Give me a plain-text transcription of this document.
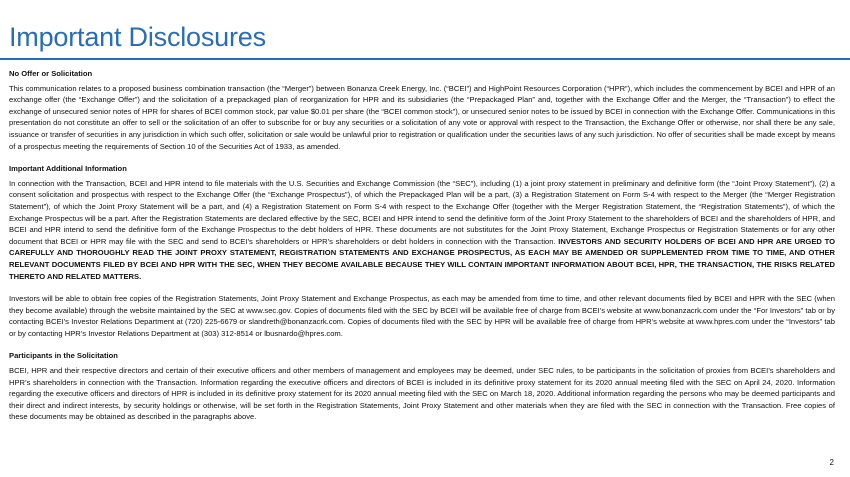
Important Disclosures

No Offer or Solicitation

This communication relates to a proposed business combination transaction (the “Merger”) between Bonanza Creek Energy, Inc. (“BCEI”) and HighPoint Resources Corporation (“HPR”), which includes the commencement by BCEI and HPR of an exchange offer (the “Exchange Offer”) and the solicitation of a prepackaged plan of reorganization for HPR and its subsidiaries (the “Prepackaged Plan” and, together with the Exchange Offer and the Merger, the “Transaction”) to effect the exchange of unsecured senior notes of HPR for shares of BCEI common stock, par value $0.01 per share (the “BCEI common stock”), or unsecured senior notes to be issued by BCEI in connection with the Exchange Offer. Communications in this presentation do not constitute an offer to sell or the solicitation of an offer to subscribe for or buy any securities or a solicitation of any vote or approval with respect to the Transaction, the Exchange Offer or otherwise, nor shall there be any sale, issuance or transfer of securities in any jurisdiction in which such offer, solicitation or sale would be unlawful prior to registration or qualification under the securities laws of any such jurisdiction. No offer of securities shall be made except by means of a prospectus meeting the requirements of Section 10 of the Securities Act of 1933, as amended.

Important Additional Information

In connection with the Transaction, BCEI and HPR intend to file materials with the U.S. Securities and Exchange Commission (the “SEC”), including (1) a joint proxy statement in preliminary and definitive form (the “Joint Proxy Statement”), (2) a consent solicitation and prospectus with respect to the Exchange Offer (the “Exchange Prospectus”), of which the Prepackaged Plan will be a part, (3) a Registration Statement on Form S-4 with respect to the Merger (the “Merger Registration Statement”), of which the Joint Proxy Statement will be a part, and (4) a Registration Statement on Form S-4 with respect to the Exchange Offer (together with the Merger Registration Statement, the “Registration Statements”), of which the Exchange Prospectus will be a part. After the Registration Statements are declared effective by the SEC, BCEI and HPR intend to send the definitive form of the Joint Proxy Statement to the shareholders of BCEI and the shareholders of HPR, and BCEI and HPR intend to send the definitive form of the Exchange Prospectus to the debt holders of HPR. These documents are not substitutes for the Joint Proxy Statement, Exchange Prospectus or Registration Statements or for any other document that BCEI or HPR may file with the SEC and send to BCEI’s shareholders or HPR’s shareholders or debt holders in connection with the Transaction. INVESTORS AND SECURITY HOLDERS OF BCEI AND HPR ARE URGED TO CAREFULLY AND THOROUGHLY READ THE JOINT PROXY STATEMENT, REGISTRATION STATEMENTS AND EXCHANGE PROSPECTUS, AS EACH MAY BE AMENDED OR SUPPLEMENTED FROM TIME TO TIME, AND OTHER RELEVANT DOCUMENTS FILED BY BCEI AND HPR WITH THE SEC, WHEN THEY BECOME AVAILABLE BECAUSE THEY WILL CONTAIN IMPORTANT INFORMATION ABOUT BCEI, HPR, THE TRANSACTION, THE RISKS RELATED THERETO AND RELATED MATTERS.

Investors will be able to obtain free copies of the Registration Statements, Joint Proxy Statement and Exchange Prospectus, as each may be amended from time to time, and other relevant documents filed by BCEI and HPR with the SEC (when they become available) through the website maintained by the SEC at www.sec.gov. Copies of documents filed with the SEC by BCEI will be available free of charge from BCEI’s website at www.bonanzacrk.com under the “For Investors” tab or by contacting BCEI’s Investor Relations Department at (720) 225-6679 or slandreth@bonanzacrk.com. Copies of documents filed with the SEC by HPR will be available free of charge from HPR’s website at www.hpres.com under the “Investors” tab or by contacting HPR’s Investor Relations Department at (303) 312-8514 or lbusnardo@hpres.com.

Participants in the Solicitation

BCEI, HPR and their respective directors and certain of their executive officers and other members of management and employees may be deemed, under SEC rules, to be participants in the solicitation of proxies from BCEI’s shareholders and HPR’s shareholders in connection with the Transaction. Information regarding the executive officers and directors of BCEI is included in its definitive proxy statement for its 2020 annual meeting filed with the SEC on April 24, 2020. Information regarding the executive officers and directors of HPR is included in its definitive proxy statement for its 2020 annual meeting filed with the SEC on March 18, 2020. Additional information regarding the persons who may be deemed participants and their direct and indirect interests, by security holdings or otherwise, will be set forth in the Registration Statements, Joint Proxy Statement and other materials when they are filed with the SEC in connection with the Transaction. Free copies of these documents may be obtained as described in the paragraphs above.

2
